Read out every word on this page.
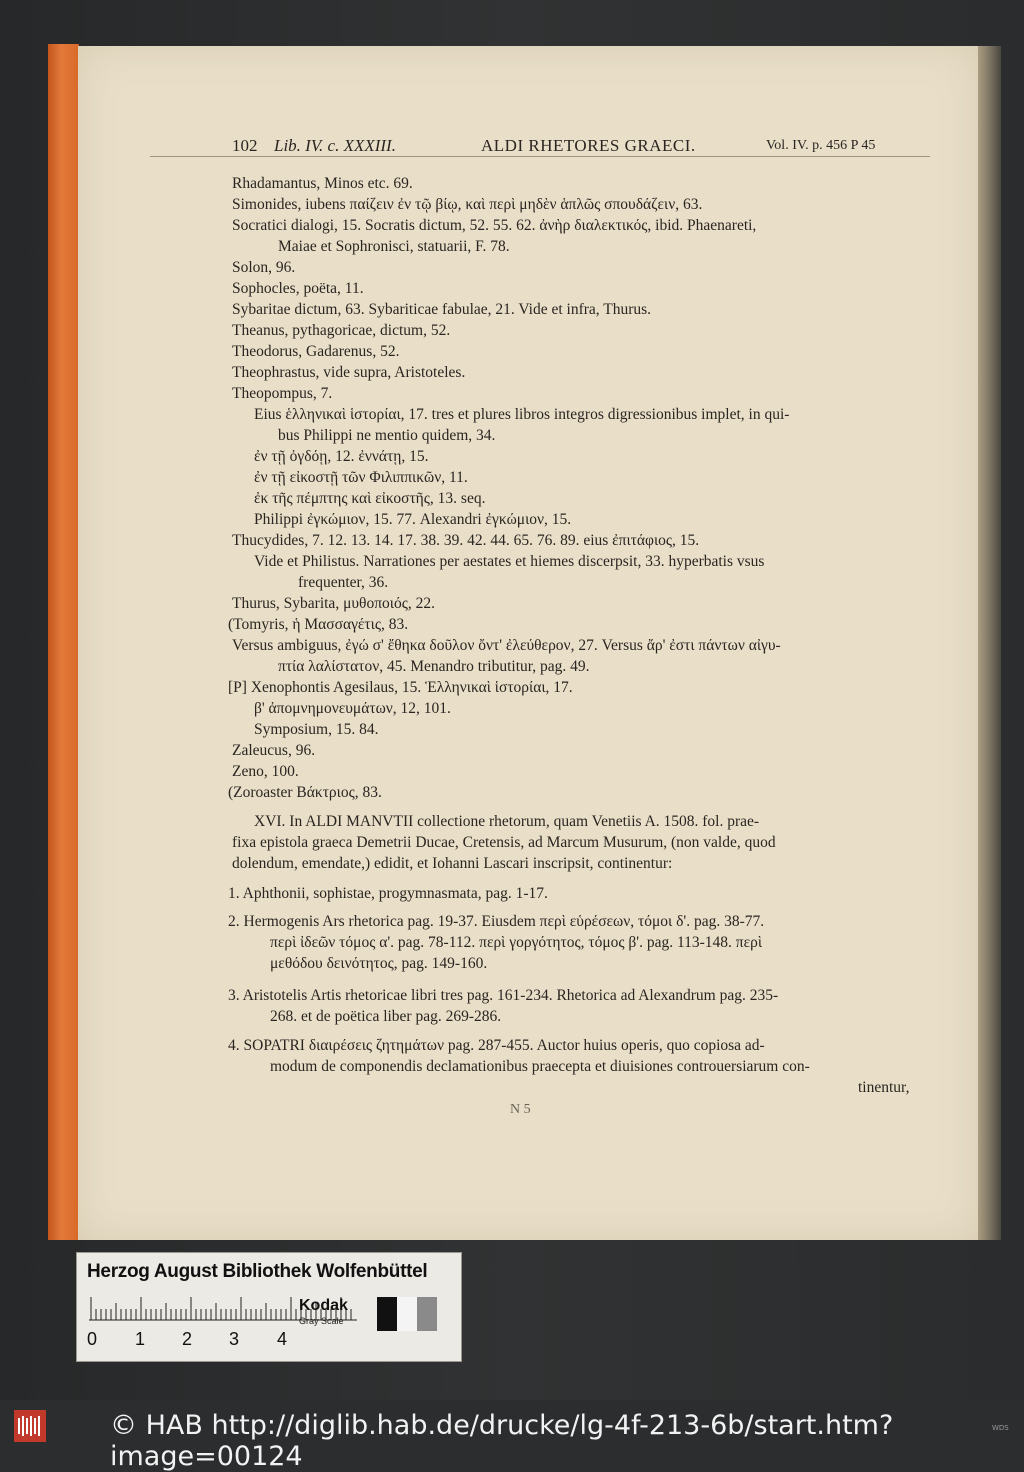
102 Lib. IV. c. XXXIII.	ALDI RHETORES GRAECI.	Vol. IV. p. 456 P 45
Rhadamantus, Minos etc. 69.
Simonides, iubens παίζειν ἐν τῷ βίῳ, καὶ περὶ μηδὲν ἁπλῶς σπουδάζειν, 63.
Socratici dialogi, 15. Socratis dictum, 52. 55. 62. ἀνὴρ διαλεκτικός, ibid. Phaenareti,
Maiae et Sophronisci, statuarii, F. 78.
Solon, 96.
Sophocles, poëta, 11.
Sybaritae dictum, 63. Sybariticae fabulae, 21. Vide et infra, Thurus.
Theanus, pythagoricae, dictum, 52.
Theodorus, Gadarenus, 52.
Theophrastus, vide supra, Aristoteles.
Theopompus, 7.
Eius ἑλληνικαὶ ἱστορίαι, 17. tres et plures libros integros digressionibus implet, in qui-
bus Philippi ne mentio quidem, 34.
ἐν τῇ ὀγδόῃ, 12. ἐννάτῃ, 15.
ἐν τῇ εἰκοστῇ τῶν Φιλιππικῶν, 11.
ἐκ τῆς πέμπτης καὶ εἰκοστῆς, 13. seq.
Philippi ἐγκώμιον, 15. 77. Alexandri ἐγκώμιον, 15.
Thucydides, 7. 12. 13. 14. 17. 38. 39. 42. 44. 65. 76. 89. eius ἐπιτάφιος, 15.
Vide et Philistus. Narrationes per aestates et hiemes discerpsit, 33. hyperbatis vsus
frequenter, 36.
Thurus, Sybarita, μυθοποιός, 22.
(Tomyris, ἡ Μασσαγέτις, 83.
Versus ambiguus, ἐγώ σ' ἔθηκα δοῦλον ὄντ' ἐλεύθερον, 27. Versus ἄρ' ἐστι πάντων αἰγυ-
πτία λαλίστατον, 45. Menandro tributitur, pag. 49.
[P] Xenophontis Agesilaus, 15. Ἑλληνικαὶ ἱστορίαι, 17.
β' ἀπομνημονευμάτων, 12, 101.
Symposium, 15. 84.
Zaleucus, 96.
Zeno, 100.
(Zoroaster Βάκτριος, 83.
XVI. In ALDI MANVTII collectione rhetorum, quam Venetiis A. 1508. fol. prae-
fixa epistola graeca Demetrii Ducae, Cretensis, ad Marcum Musurum, (non valde, quod
dolendum, emendate,) edidit, et Iohanni Lascari inscripsit, continentur:
1. Aphthonii, sophistae, progymnasmata, pag. 1-17.
2. Hermogenis Ars rhetorica pag. 19-37. Eiusdem περὶ εὑρέσεων, τόμοι δ'. pag. 38-77.
περὶ ἰδεῶν τόμος α'. pag. 78-112. περὶ γοργότητος, τόμος β'. pag. 113-148. περὶ
μεθόδου δεινότητος, pag. 149-160.
3. Aristotelis Artis rhetoricae libri tres pag. 161-234. Rhetorica ad Alexandrum pag. 235-
268. et de poëtica liber pag. 269-286.
4. SOPATRI διαιρέσεις ζητημάτων pag. 287-455. Auctor huius operis, quo copiosa ad-
modum de componendis declamationibus praecepta et diuisiones controuersiarum con-
tinentur,
N 5
Herzog August Bibliothek Wolfenbüttel
0 1 2 3 4
Kodak
Gray Scale
© HAB http://diglib.hab.de/drucke/lg-4f-213-6b/start.htm?image=00124
WDS
